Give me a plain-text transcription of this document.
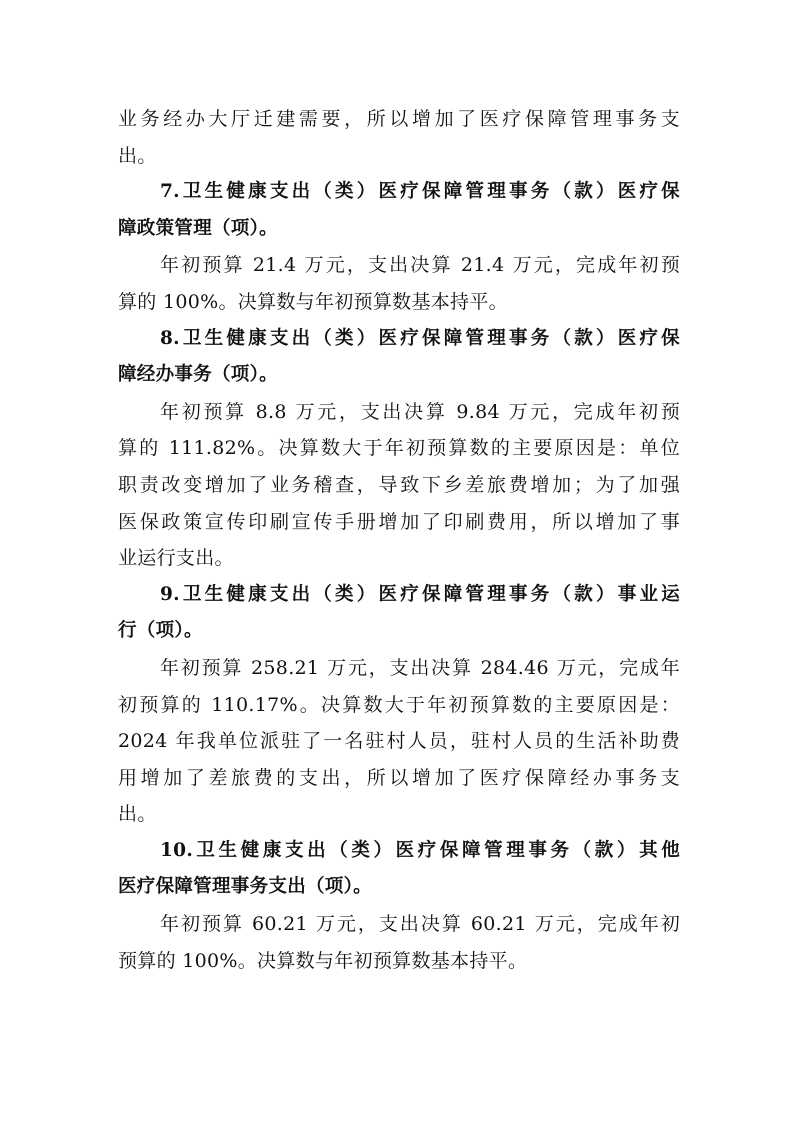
业务经办大厅迁建需要，所以增加了医疗保障管理事务支
出。
7.卫生健康支出（类）医疗保障管理事务（款）医疗保
障政策管理（项）。
年初预算 21.4 万元，支出决算 21.4 万元，完成年初预
算的 100%。决算数与年初预算数基本持平。
8.卫生健康支出（类）医疗保障管理事务（款）医疗保
障经办事务（项）。
年初预算 8.8 万元，支出决算 9.84 万元，完成年初预
算的 111.82%。决算数大于年初预算数的主要原因是：单位
职责改变增加了业务稽查，导致下乡差旅费增加；为了加强
医保政策宣传印刷宣传手册增加了印刷费用，所以增加了事
业运行支出。
9.卫生健康支出（类）医疗保障管理事务（款）事业运
行（项）。
年初预算 258.21 万元，支出决算 284.46 万元，完成年
初预算的 110.17%。决算数大于年初预算数的主要原因是：
2024 年我单位派驻了一名驻村人员，驻村人员的生活补助费
用增加了差旅费的支出，所以增加了医疗保障经办事务支
出。
10.卫生健康支出（类）医疗保障管理事务（款）其他
医疗保障管理事务支出（项）。
年初预算 60.21 万元，支出决算 60.21 万元，完成年初
预算的 100%。决算数与年初预算数基本持平。
